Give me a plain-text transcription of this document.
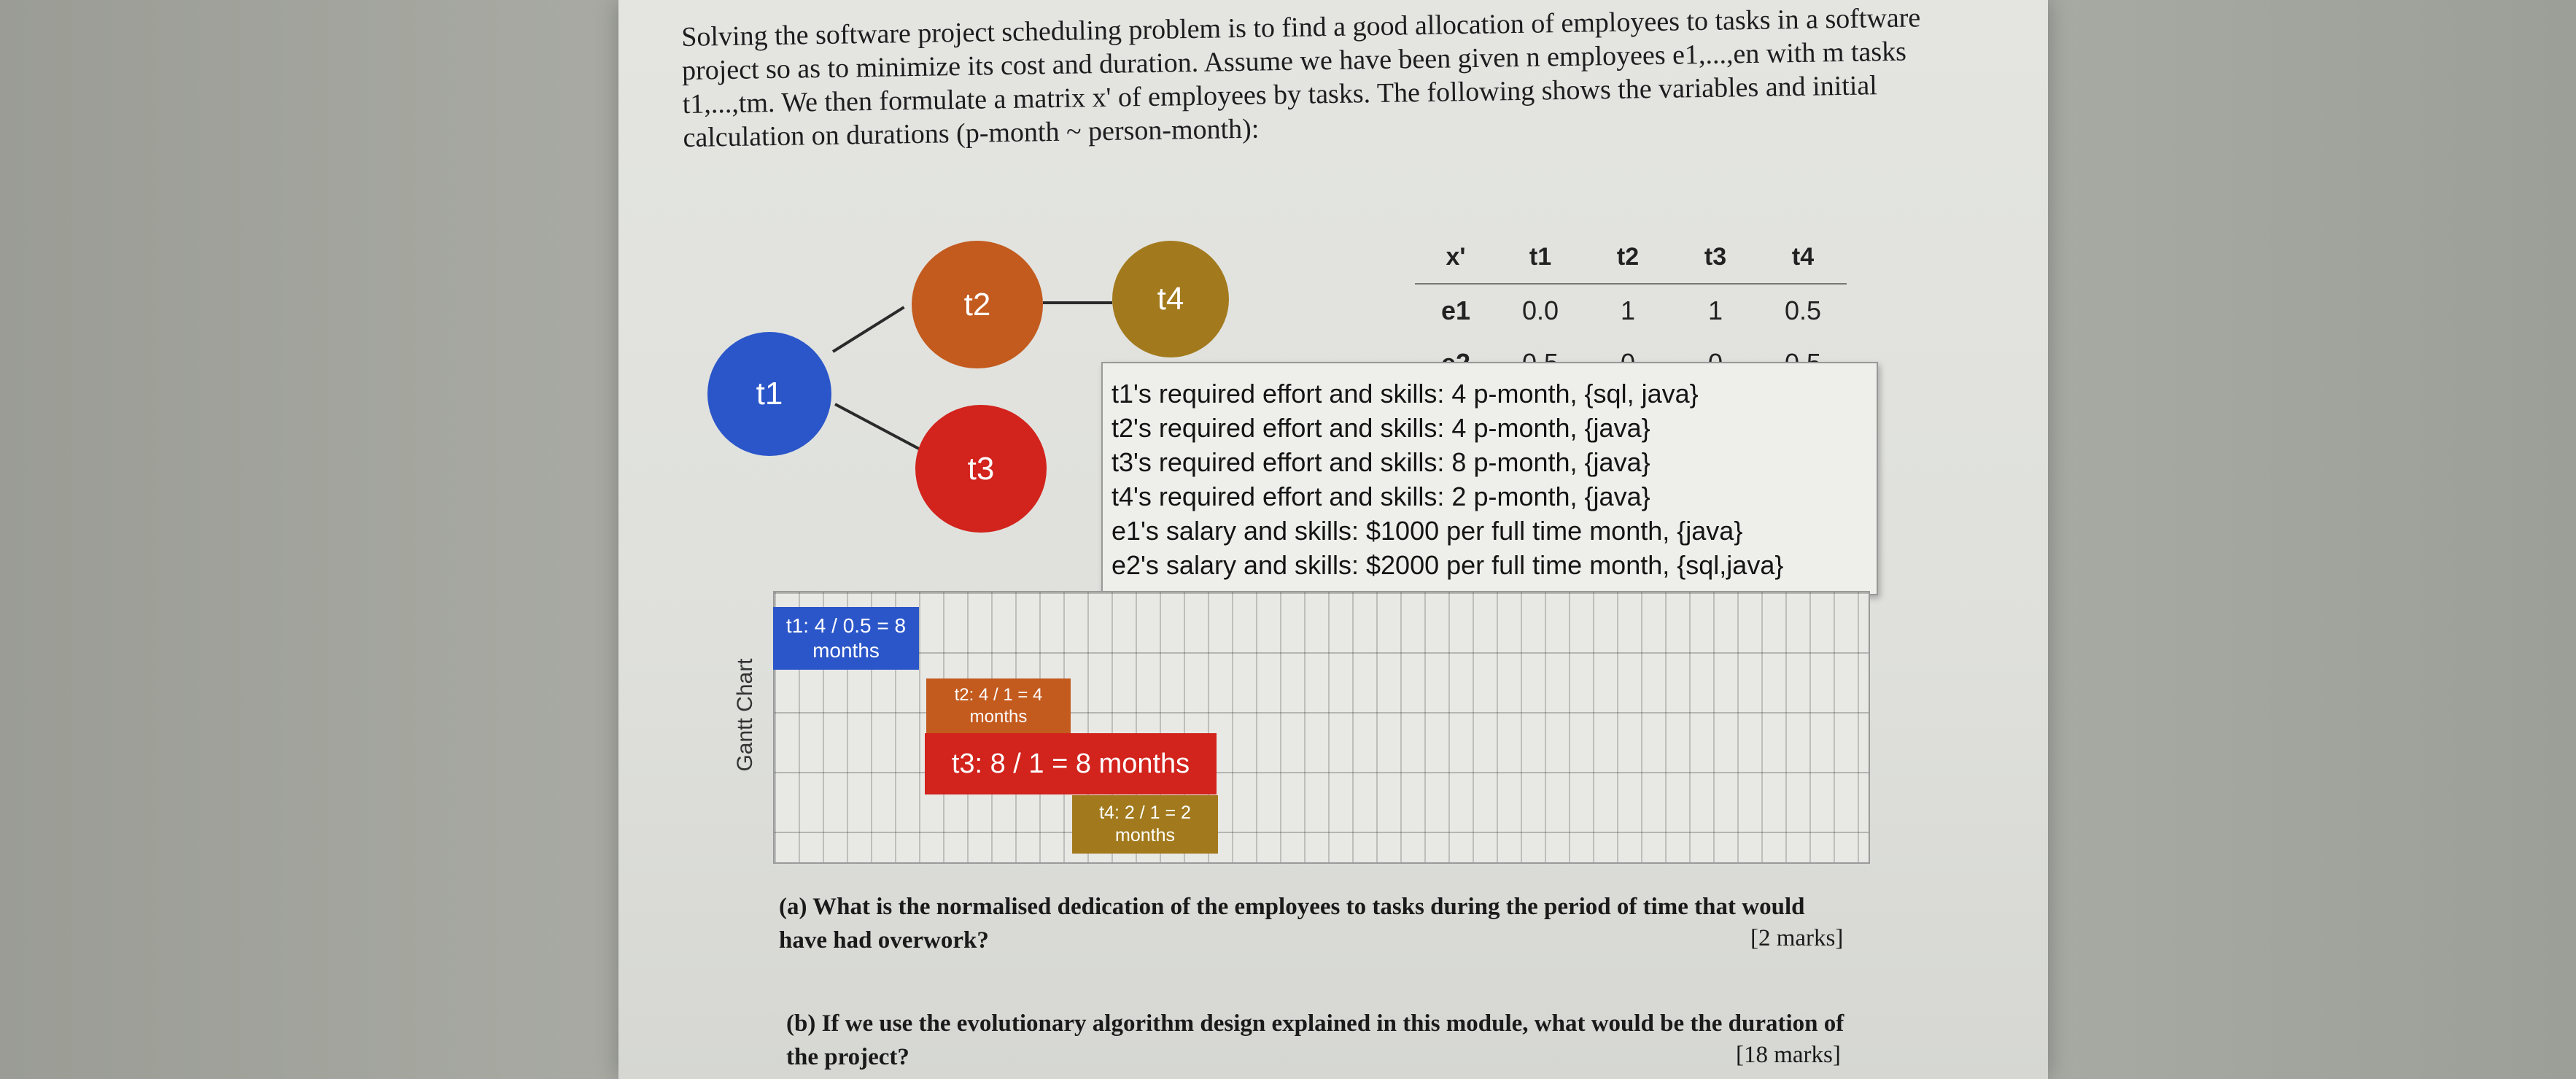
Solving the software project scheduling problem is to find a good allocation of employees to tasks in a software project so as to minimize its cost and duration. Assume we have been given n employees e1,...,en with m tasks t1,...,tm. We then formulate a matrix x' of employees by tasks. The following shows the variables and initial calculation on durations (p-month ~ person-month):

t1
t2
t3
t4
x'	t1	t2	t3	t4
e1	0.0	1	1	0.5

t1's required effort and skills: 4 p-month, {sql, java}
t2's required effort and skills: 4 p-month, {java}
t3's required effort and skills: 8 p-month, {java}
t4's required effort and skills: 2 p-month, {java}
e1's salary and skills: $1000 per full time month, {java}
e2's salary and skills: $2000 per full time month, {sql,java}
Gantt Chart
t1: 4 / 0.5 = 8 months
t2: 4 / 1 = 4 months
t3: 8 / 1 = 8 months
t4: 2 / 1 = 2 months
(a) What is the normalised dedication of the employees to tasks during the period of time that would have had overwork?	[2 marks]
(b) If we use the evolutionary algorithm design explained in this module, what would be the duration of the project?	[18 marks]
